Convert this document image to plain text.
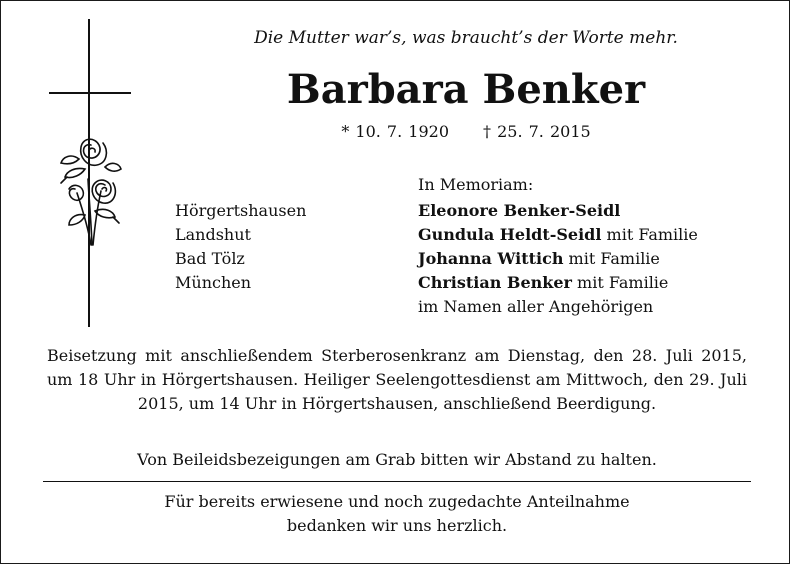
Die Mutter war’s, was braucht’s der Worte mehr.
Barbara Benker
* 10. 7. 1920 † 25. 7. 2015
In Memoriam:
Hörgertshausen
Landshut
Bad Tölz
München
Eleonore Benker-Seidl
Gundula Heldt-Seidl mit Familie
Johanna Wittich mit Familie
Christian Benker mit Familie
im Namen aller Angehörigen
Beisetzung mit anschließendem Sterberosenkranz am Dienstag, den 28. Juli 2015, um 18 Uhr in Hörgertshausen. Heiliger Seelengottesdienst am Mittwoch, den 29. Juli 2015, um 14 Uhr in Hörgertshausen, anschließend Beerdigung.
Von Beileidsbezeigungen am Grab bitten wir Abstand zu halten.
Für bereits erwiesene und noch zugedachte Anteilnahme
bedanken wir uns herzlich.
